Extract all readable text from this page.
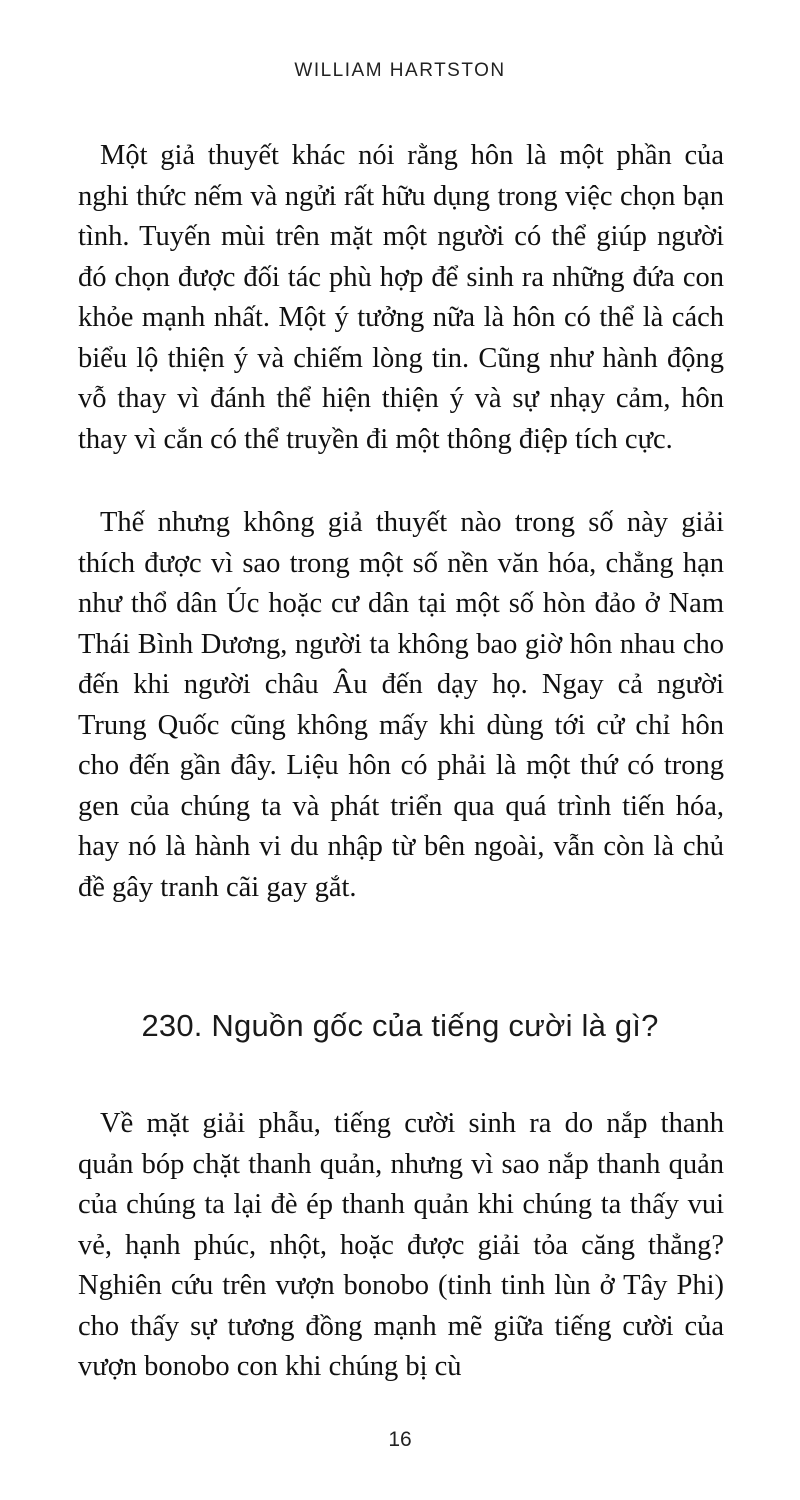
WILLIAM HARTSTON

Một giả thuyết khác nói rằng hôn là một phần của nghi thức nếm và ngửi rất hữu dụng trong việc chọn bạn tình. Tuyến mùi trên mặt một người có thể giúp người đó chọn được đối tác phù hợp để sinh ra những đứa con khỏe mạnh nhất. Một ý tưởng nữa là hôn có thể là cách biểu lộ thiện ý và chiếm lòng tin. Cũng như hành động vỗ thay vì đánh thể hiện thiện ý và sự nhạy cảm, hôn thay vì cắn có thể truyền đi một thông điệp tích cực.

Thế nhưng không giả thuyết nào trong số này giải thích được vì sao trong một số nền văn hóa, chẳng hạn như thổ dân Úc hoặc cư dân tại một số hòn đảo ở Nam Thái Bình Dương, người ta không bao giờ hôn nhau cho đến khi người châu Âu đến dạy họ. Ngay cả người Trung Quốc cũng không mấy khi dùng tới cử chỉ hôn cho đến gần đây. Liệu hôn có phải là một thứ có trong gen của chúng ta và phát triển qua quá trình tiến hóa, hay nó là hành vi du nhập từ bên ngoài, vẫn còn là chủ đề gây tranh cãi gay gắt.

230. Nguồn gốc của tiếng cười là gì?

Về mặt giải phẫu, tiếng cười sinh ra do nắp thanh quản bóp chặt thanh quản, nhưng vì sao nắp thanh quản của chúng ta lại đè ép thanh quản khi chúng ta thấy vui vẻ, hạnh phúc, nhột, hoặc được giải tỏa căng thẳng? Nghiên cứu trên vượn bonobo (tinh tinh lùn ở Tây Phi) cho thấy sự tương đồng mạnh mẽ giữa tiếng cười của vượn bonobo con khi chúng bị cù

16
